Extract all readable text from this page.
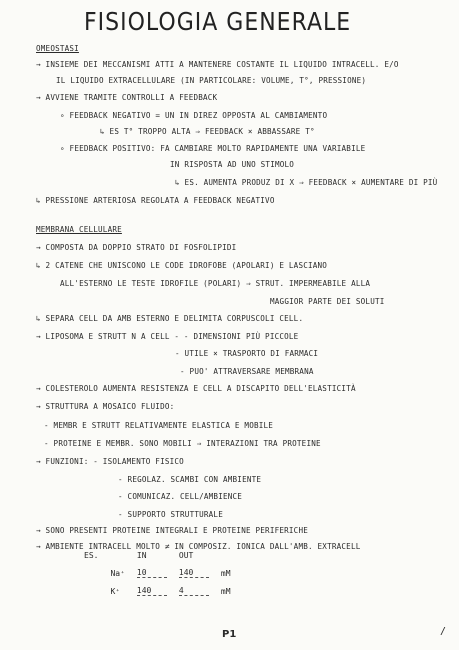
FISIOLOGIA GENERALE
OMEOSTASI
→ INSIEME DEI MECCANISMI ATTI A MANTENERE COSTANTE IL LIQUIDO INTRACELL. E/O
IL LIQUIDO EXTRACELLULARE (IN PARTICOLARE: VOLUME, T°, PRESSIONE)
→ AVVIENE TRAMITE CONTROLLI A FEEDBACK
∘ FEEDBACK NEGATIVO = UN IN DIREZ OPPOSTA AL CAMBIAMENTO
↳ ES T° TROPPO ALTA ⇒ FEEDBACK × ABBASSARE T°
∘ FEEDBACK POSITIVO: FA CAMBIARE MOLTO RAPIDAMENTE UNA VARIABILE
IN RISPOSTA AD UNO STIMOLO
↳ ES. AUMENTA PRODUZ DI X ⇒ FEEDBACK × AUMENTARE DI PIÙ
↳ PRESSIONE ARTERIOSA REGOLATA A FEEDBACK NEGATIVO
MEMBRANA CELLULARE
→ COMPOSTA DA DOPPIO STRATO DI FOSFOLIPIDI
↳ 2 CATENE CHE UNISCONO LE CODE IDROFOBE (APOLARI) E LASCIANO
ALL'ESTERNO LE TESTE IDROFILE (POLARI) ⇒ STRUT. IMPERMEABILE ALLA
MAGGIOR PARTE DEI SOLUTI
↳ SEPARA CELL DA AMB ESTERNO E DELIMITA CORPUSCOLI CELL.
→ LIPOSOMA E STRUTT N A CELL - - DIMENSIONI PIÙ PICCOLE
- UTILE × TRASPORTO DI FARMACI
- PUO' ATTRAVERSARE MEMBRANA
→ COLESTEROLO AUMENTA RESISTENZA E CELL A DISCAPITO DELL'ELASTICITÀ
→ STRUTTURA A MOSAICO FLUIDO:
- MEMBR E STRUTT RELATIVAMENTE ELASTICA E MOBILE
- PROTEINE E MEMBR. SONO MOBILI ⇒ INTERAZIONI TRA PROTEINE
→ FUNZIONI: - ISOLAMENTO FISICO
- REGOLAZ. SCAMBI CON AMBIENTE
- COMUNICAZ. CELL/AMBIENCE
- SUPPORTO STRUTTURALE
→ SONO PRESENTI PROTEINE INTEGRALI E PROTEINE PERIFERICHE
→ AMBIENTE INTRACELL MOLTO ≠ IN COMPOSIZ. IONICA DALL'AMB. EXTRACELL
ES.		IN	OUT	
	Na⁺	10	140	mM
	K⁺	140	4	mM
P1	/
